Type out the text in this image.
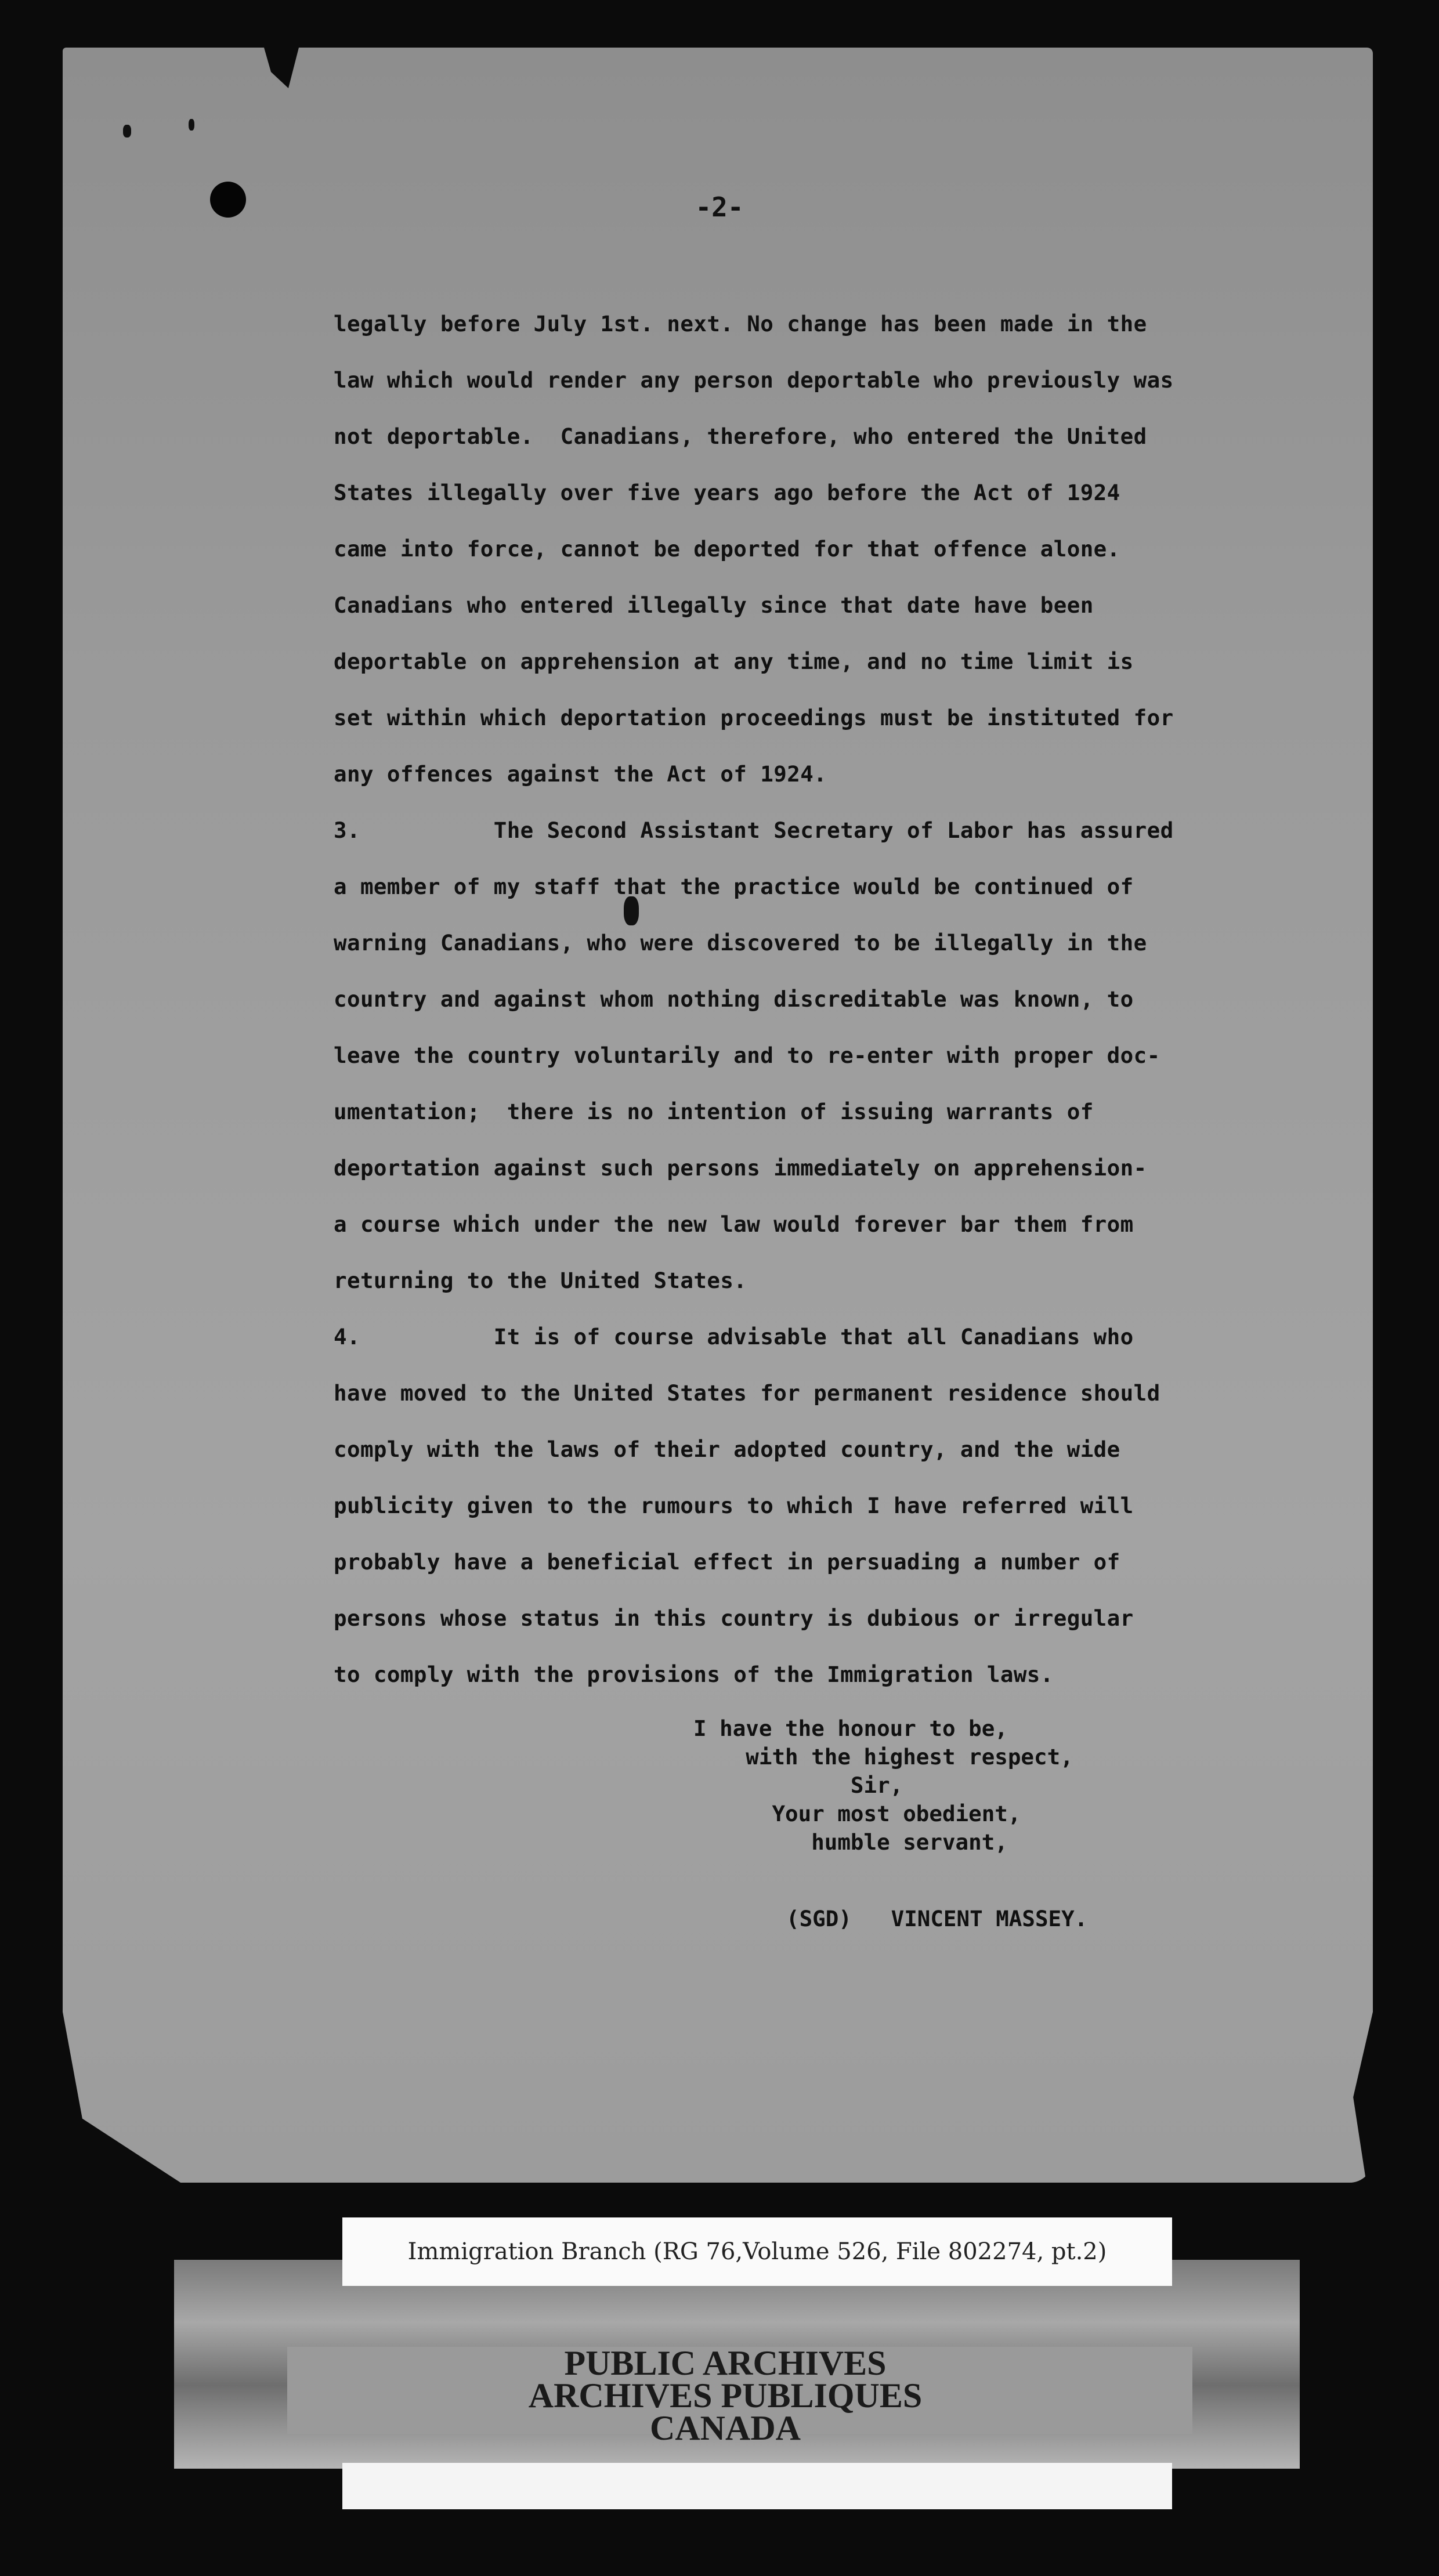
-2-
legally before July 1st. next. No change has been made in the
law which would render any person deportable who previously was
not deportable.  Canadians, therefore, who entered the United
States illegally over five years ago before the Act of 1924
came into force, cannot be deported for that offence alone.
Canadians who entered illegally since that date have been
deportable on apprehension at any time, and no time limit is
set within which deportation proceedings must be instituted for
any offences against the Act of 1924.
3.          The Second Assistant Secretary of Labor has assured
a member of my staff that the practice would be continued of
warning Canadians, who were discovered to be illegally in the
country and against whom nothing discreditable was known, to
leave the country voluntarily and to re-enter with proper doc-
umentation;  there is no intention of issuing warrants of
deportation against such persons immediately on apprehension-
a course which under the new law would forever bar them from
returning to the United States.
4.          It is of course advisable that all Canadians who
have moved to the United States for permanent residence should
comply with the laws of their adopted country, and the wide
publicity given to the rumours to which I have referred will
probably have a beneficial effect in persuading a number of
persons whose status in this country is dubious or irregular
to comply with the provisions of the Immigration laws.
I have the honour to be,
with the highest respect,
Sir,
Your most obedient,
humble servant,
(SGD)   VINCENT MASSEY.
Immigration Branch (RG 76,Volume 526, File 802274, pt.2)
PUBLIC ARCHIVES
ARCHIVES PUBLIQUES
CANADA
